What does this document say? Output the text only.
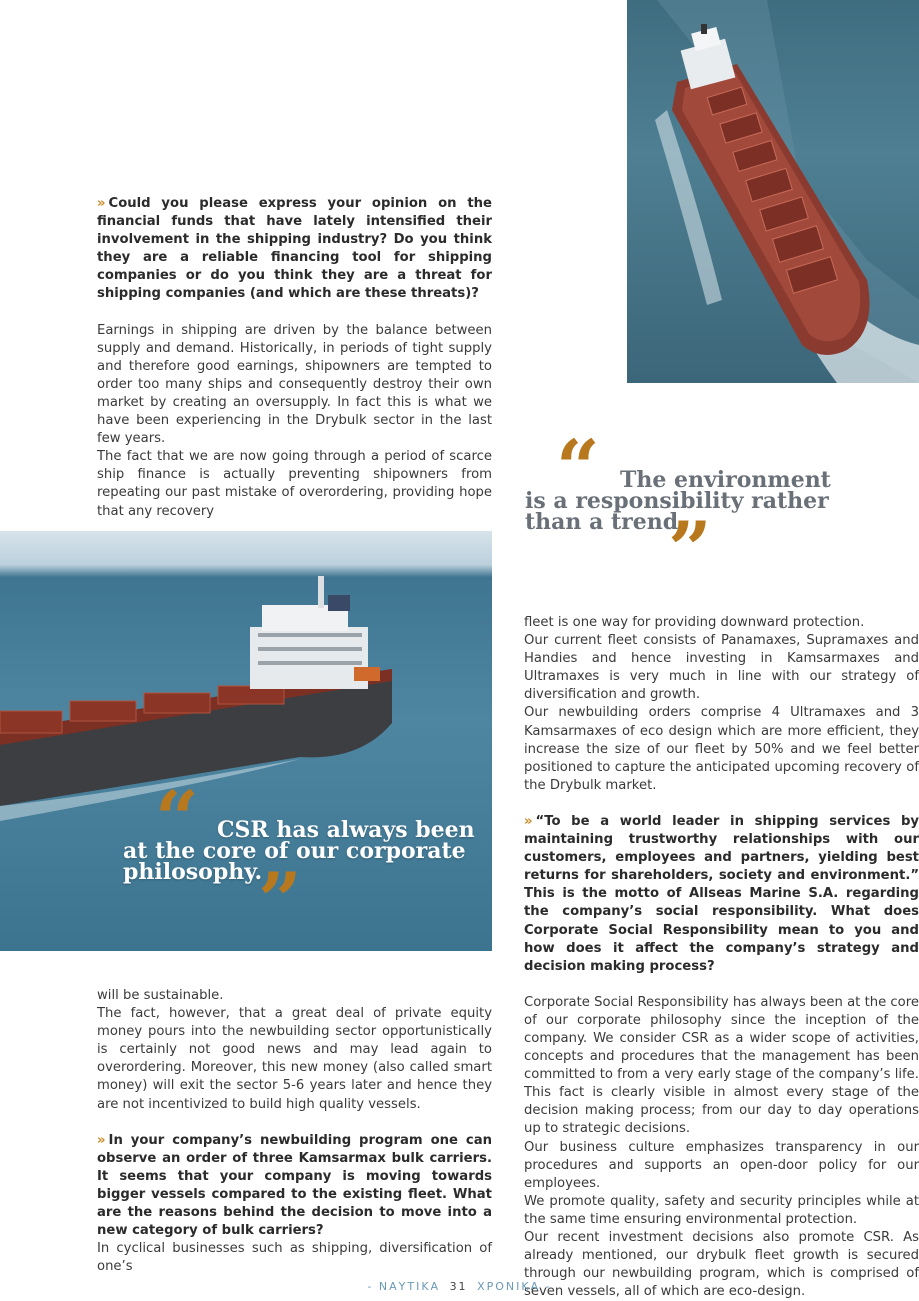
» Could you please express your opinion on the financial funds that have lately intensified their involvement in the shipping industry? Do you think they are a reliable financing tool for shipping companies or do you think they are a threat for shipping companies (and which are these threats)?

Earnings in shipping are driven by the balance between supply and demand. Historically, in periods of tight supply and therefore good earnings, shipowners are tempted to order too many ships and consequently destroy their own market by creating an oversupply. In fact this is what we have been experiencing in the Drybulk sector in the last few years.

The fact that we are now going through a period of scarce ship finance is actually preventing shipowners from repeating our past mistake of overordering, providing hope that any recovery	“ The environment
is a responsibility rather
than a trend.
”
“ CSR has always been
at the core of our corporate
philosophy.
”

fleet is one way for providing downward protection.

Our current fleet consists of Panamaxes, Supramaxes and Handies and hence investing in Kamsarmaxes and Ultramaxes is very much in line with our strategy of diversification and growth.

Our newbuilding orders comprise 4 Ultramaxes and 3 Kamsarmaxes of eco design which are more efficient, they increase the size of our fleet by 50% and we feel better positioned to capture the anticipated upcoming recovery of the Drybulk market.

» “To be a world leader in shipping services by maintaining trustworthy relationships with our customers, employees and partners, yielding best returns for shareholders, society and environment.” This is the motto of Allseas Marine S.A. regarding the company’s social responsibility. What does Corporate Social Responsibility mean to you and how does it affect the company’s strategy and decision making process?

Corporate Social Responsibility has always been at the core of our corporate philosophy since the inception of the company. We consider CSR as a wider scope of activities, concepts and procedures that the management has been committed to from a very early stage of the company’s life. This fact is clearly visible in almost every stage of the decision making process; from our day to day operations up to strategic decisions.

Our business culture emphasizes transparency in our procedures and supports an open-door policy for our employees.

We promote quality, safety and security principles while at the same time ensuring environmental protection.

Our recent investment decisions also promote CSR. As already mentioned, our drybulk fleet growth is secured through our newbuilding program, which is comprised of seven vessels, all of which are eco-design.

will be sustainable.

The fact, however, that a great deal of private equity money pours into the newbuilding sector opportunistically is certainly not good news and may lead again to overordering. Moreover, this new money (also called smart money) will exit the sector 5-6 years later and hence they are not incentivized to build high quality vessels.

» In your company’s newbuilding program one can observe an order of three Kamsarmax bulk carriers. It seems that your company is moving towards bigger vessels compared to the existing fleet. What are the reasons behind the decision to move into a new category of bulk carriers?

In cyclical businesses such as shipping, diversification of one’s

- ΝΑΥΤΙΚΑ 31 ΧΡΟΝΙΚΑ -
